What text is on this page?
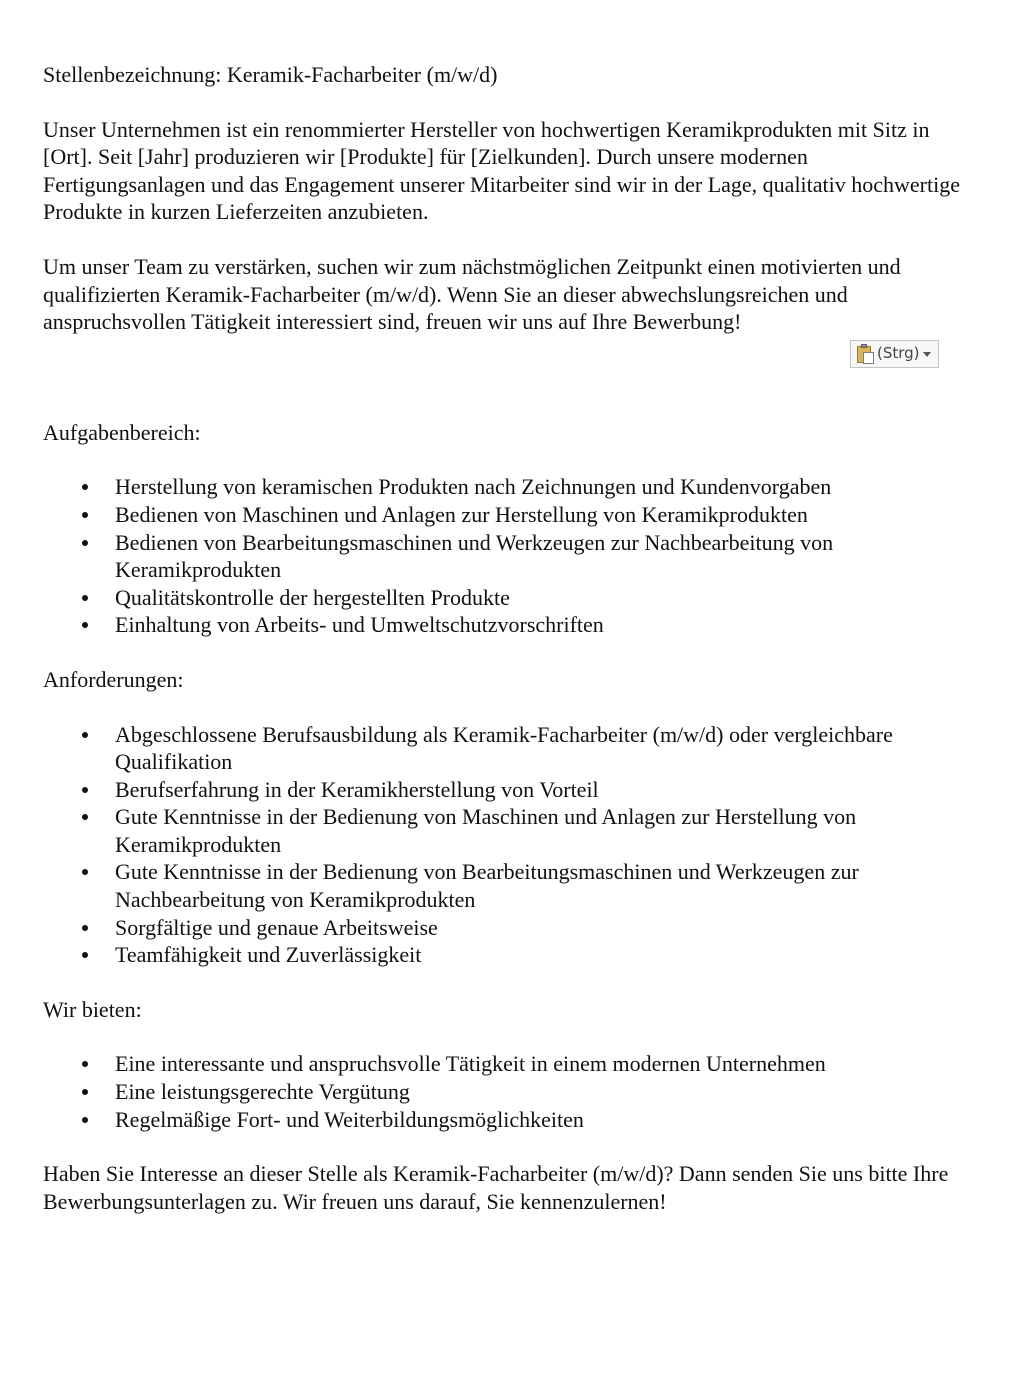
Stellenbezeichnung: Keramik-Facharbeiter (m/w/d)

Unser Unternehmen ist ein renommierter Hersteller von hochwertigen Keramikprodukten mit Sitz in [Ort]. Seit [Jahr] produzieren wir [Produkte] für [Zielkunden]. Durch unsere modernen Fertigungsanlagen und das Engagement unserer Mitarbeiter sind wir in der Lage, qualitativ hochwertige Produkte in kurzen Lieferzeiten anzubieten.

Um unser Team zu verstärken, suchen wir zum nächstmöglichen Zeitpunkt einen motivierten und qualifizierten Keramik-Facharbeiter (m/w/d). Wenn Sie an dieser abwechslungsreichen und anspruchsvollen Tätigkeit interessiert sind, freuen wir uns auf Ihre Bewerbung!

Aufgabenbereich:

Herstellung von keramischen Produkten nach Zeichnungen und Kundenvorgaben
Bedienen von Maschinen und Anlagen zur Herstellung von Keramikprodukten
Bedienen von Bearbeitungsmaschinen und Werkzeugen zur Nachbearbeitung von Keramikprodukten
Qualitätskontrolle der hergestellten Produkte
Einhaltung von Arbeits- und Umweltschutzvorschriften

Anforderungen:

Abgeschlossene Berufsausbildung als Keramik-Facharbeiter (m/w/d) oder vergleichbare Qualifikation
Berufserfahrung in der Keramikherstellung von Vorteil
Gute Kenntnisse in der Bedienung von Maschinen und Anlagen zur Herstellung von Keramikprodukten
Gute Kenntnisse in der Bedienung von Bearbeitungsmaschinen und Werkzeugen zur Nachbearbeitung von Keramikprodukten
Sorgfältige und genaue Arbeitsweise
Teamfähigkeit und Zuverlässigkeit

Wir bieten:

Eine interessante und anspruchsvolle Tätigkeit in einem modernen Unternehmen
Eine leistungsgerechte Vergütung
Regelmäßige Fort- und Weiterbildungsmöglichkeiten

Haben Sie Interesse an dieser Stelle als Keramik-Facharbeiter (m/w/d)? Dann senden Sie uns bitte Ihre Bewerbungsunterlagen zu. Wir freuen uns darauf, Sie kennenzulernen!

(Strg)
